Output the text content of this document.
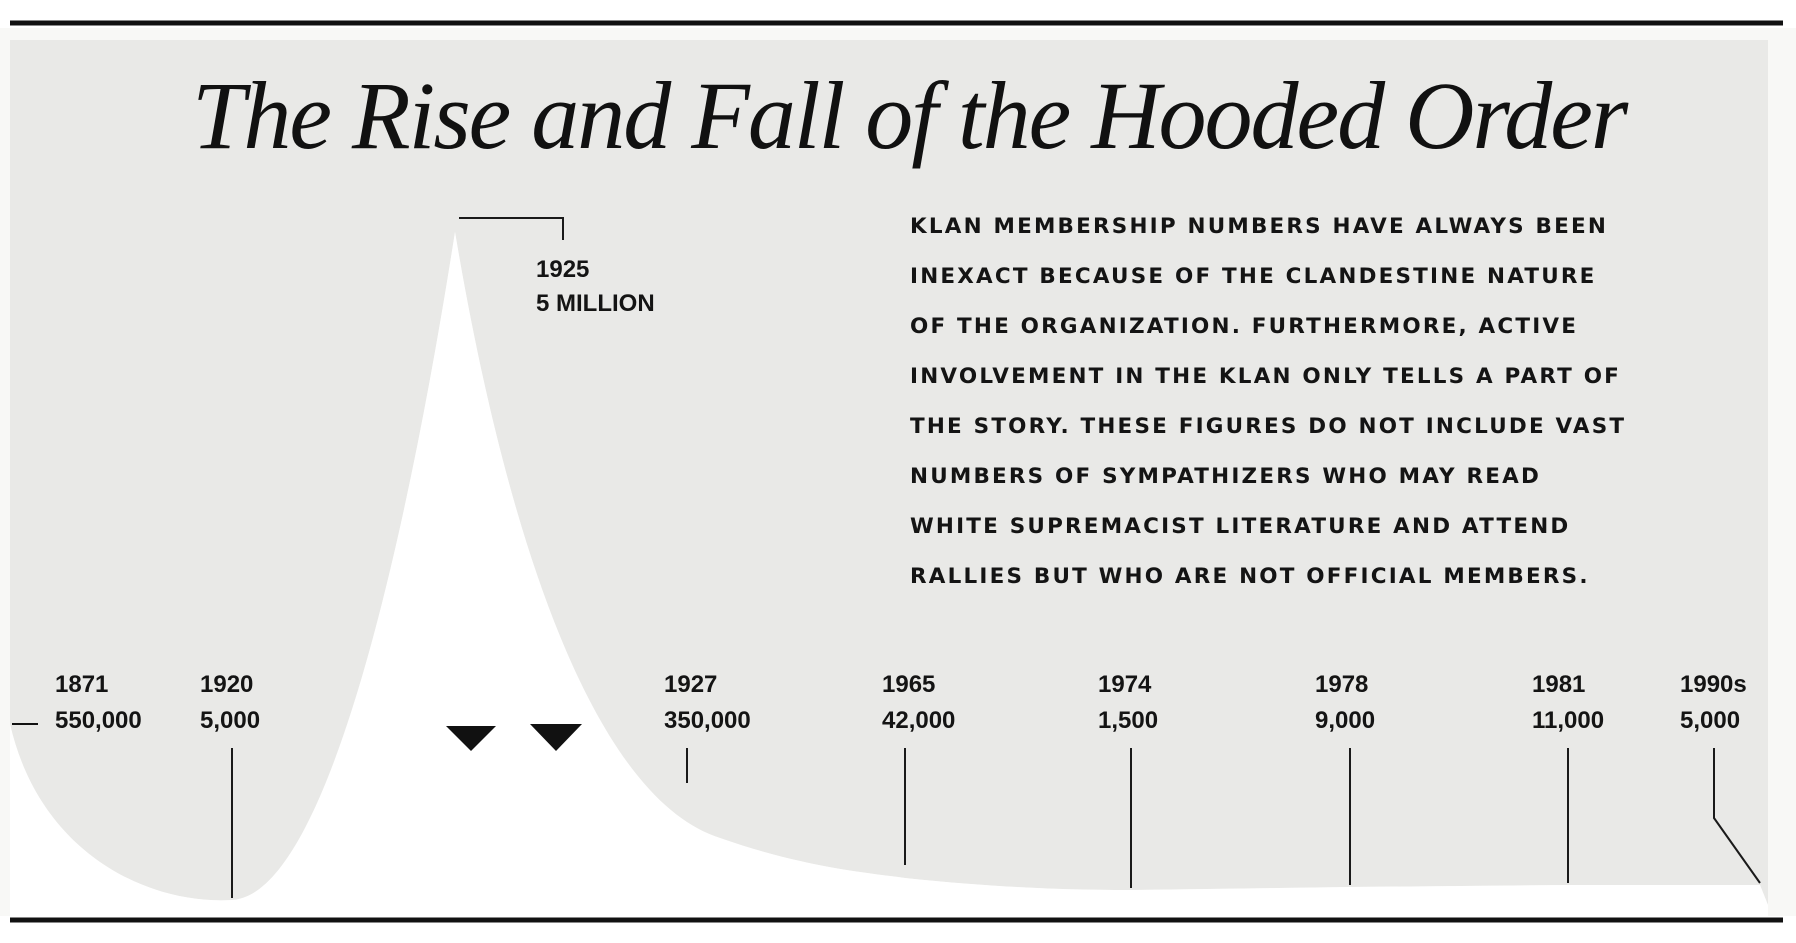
The Rise and Fall of the Hooded Order
KLAN MEMBERSHIP NUMBERS HAVE ALWAYS BEEN
INEXACT BECAUSE OF THE CLANDESTINE NATURE
OF THE ORGANIZATION. FURTHERMORE, ACTIVE
INVOLVEMENT IN THE KLAN ONLY TELLS A PART OF
THE STORY. THESE FIGURES DO NOT INCLUDE VAST
NUMBERS OF SYMPATHIZERS WHO MAY READ
WHITE SUPREMACIST LITERATURE AND ATTEND
RALLIES BUT WHO ARE NOT OFFICIAL MEMBERS.
1871
550,000
1920
5,000
1925
5 MILLION
1927
350,000
1965
42,000
1974
1,500
1978
9,000
1981
11,000
1990s
5,000
